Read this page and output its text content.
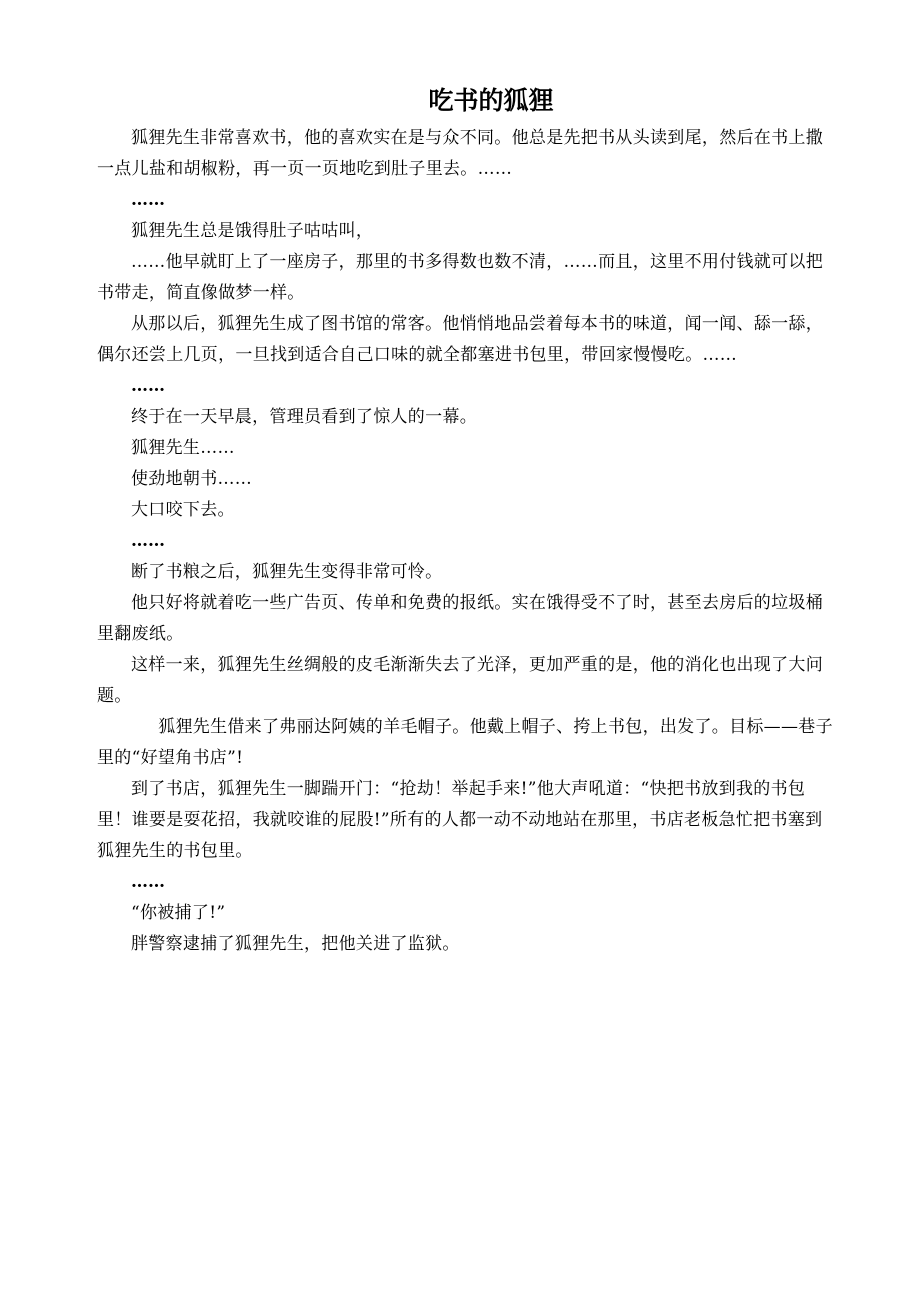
吃书的狐狸

狐狸先生非常喜欢书，他的喜欢实在是与众不同。他总是先把书从头读到尾，然后在书上撒一点儿盐和胡椒粉，再一页一页地吃到肚子里去。……

……

狐狸先生总是饿得肚子咕咕叫，

……他早就盯上了一座房子，那里的书多得数也数不清，……而且，这里不用付钱就可以把书带走，简直像做梦一样。

从那以后，狐狸先生成了图书馆的常客。他悄悄地品尝着每本书的味道，闻一闻、舔一舔，偶尔还尝上几页，一旦找到适合自己口味的就全都塞进书包里，带回家慢慢吃。……

……

终于在一天早晨，管理员看到了惊人的一幕。

狐狸先生……

使劲地朝书……

大口咬下去。

……

断了书粮之后，狐狸先生变得非常可怜。

他只好将就着吃一些广告页、传单和免费的报纸。实在饿得受不了时，甚至去房后的垃圾桶里翻废纸。

这样一来，狐狸先生丝绸般的皮毛渐渐失去了光泽，更加严重的是，他的消化也出现了大问题。

狐狸先生借来了弗丽达阿姨的羊毛帽子。他戴上帽子、挎上书包，出发了。目标——巷子里的“好望角书店”!

到了书店，狐狸先生一脚踹开门：“抢劫！举起手来!”他大声吼道：“快把书放到我的书包里！谁要是耍花招，我就咬谁的屁股!”所有的人都一动不动地站在那里，书店老板急忙把书塞到狐狸先生的书包里。

……

“你被捕了!”

胖警察逮捕了狐狸先生，把他关进了监狱。
